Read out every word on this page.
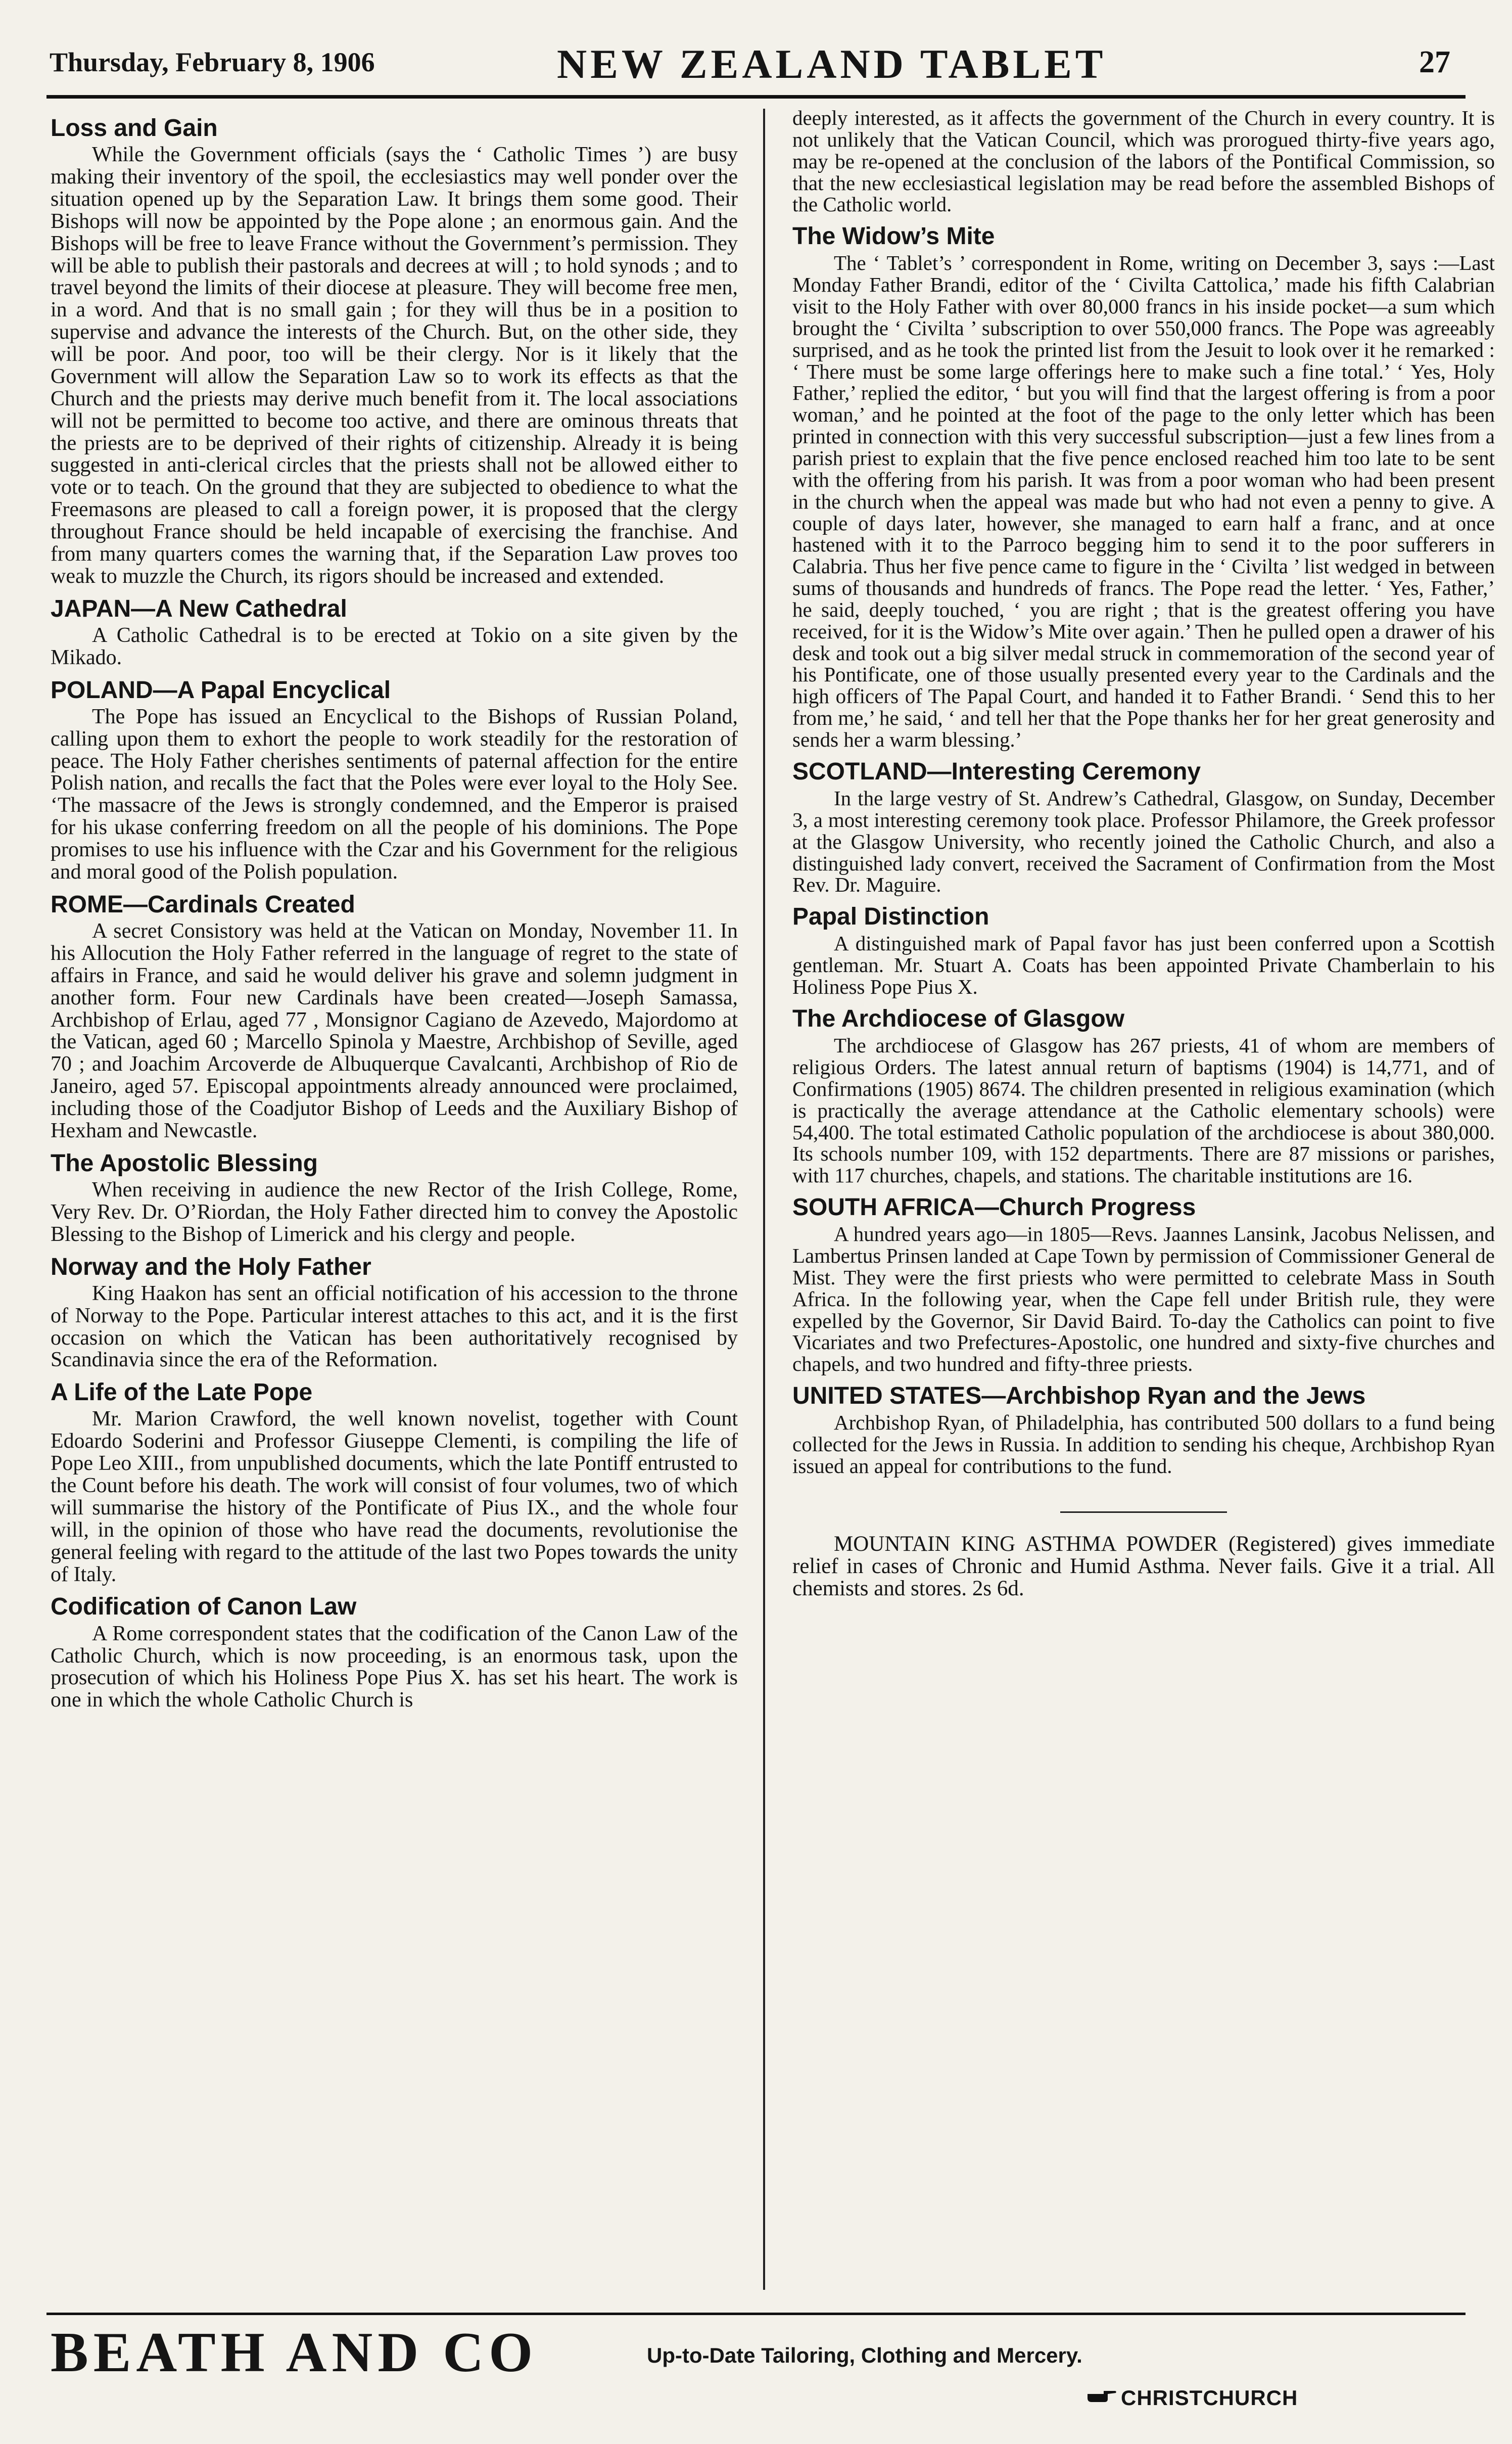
Thursday, February 8, 1906	NEW ZEALAND TABLET	27
Loss and Gain

While the Government officials (says the ‘ Catholic Times ’) are busy making their inventory of the spoil, the ecclesiastics may well ponder over the situation opened up by the Separation Law. It brings them some good. Their Bishops will now be appointed by the Pope alone ; an enormous gain. And the Bishops will be free to leave France without the Government’s permission. They will be able to publish their pastorals and decrees at will ; to hold synods ; and to travel beyond the limits of their diocese at pleasure. They will become free men, in a word. And that is no small gain ; for they will thus be in a position to supervise and advance the interests of the Church. But, on the other side, they will be poor. And poor, too will be their clergy. Nor is it likely that the Government will allow the Separation Law so to work its effects as that the Church and the priests may derive much benefit from it. The local associations will not be permitted to become too active, and there are ominous threats that the priests are to be deprived of their rights of citizenship. Already it is being suggested in anti-clerical circles that the priests shall not be allowed either to vote or to teach. On the ground that they are subjected to obedience to what the Freemasons are pleased to call a foreign power, it is proposed that the clergy throughout France should be held incapable of exercising the franchise. And from many quarters comes the warning that, if the Separation Law proves too weak to muzzle the Church, its rigors should be increased and extended.

JAPAN—A New Cathedral

A Catholic Cathedral is to be erected at Tokio on a site given by the Mikado.

POLAND—A Papal Encyclical

The Pope has issued an Encyclical to the Bishops of Russian Poland, calling upon them to exhort the people to work steadily for the restoration of peace. The Holy Father cherishes sentiments of paternal affection for the entire Polish nation, and recalls the fact that the Poles were ever loyal to the Holy See. ‘The massacre of the Jews is strongly condemned, and the Emperor is praised for his ukase conferring freedom on all the people of his dominions. The Pope promises to use his influence with the Czar and his Government for the religious and moral good of the Polish population.

ROME—Cardinals Created

A secret Consistory was held at the Vatican on Monday, November 11. In his Allocution the Holy Father referred in the language of regret to the state of affairs in France, and said he would deliver his grave and solemn judgment in another form. Four new Cardinals have been created—Joseph Samassa, Archbishop of Erlau, aged 77 , Monsignor Cagiano de Azevedo, Majordomo at the Vatican, aged 60 ; Marcello Spinola y Maestre, Archbishop of Seville, aged 70 ; and Joachim Arcoverde de Albuquerque Cavalcanti, Archbishop of Rio de Janeiro, aged 57. Episcopal appointments already announced were proclaimed, including those of the Coadjutor Bishop of Leeds and the Auxiliary Bishop of Hexham and Newcastle.

The Apostolic Blessing

When receiving in audience the new Rector of the Irish College, Rome, Very Rev. Dr. O’Riordan, the Holy Father directed him to convey the Apostolic Blessing to the Bishop of Limerick and his clergy and people.

Norway and the Holy Father

King Haakon has sent an official notification of his accession to the throne of Norway to the Pope. Particular interest attaches to this act, and it is the first occasion on which the Vatican has been authoritatively recognised by Scandinavia since the era of the Reformation.

A Life of the Late Pope

Mr. Marion Crawford, the well known novelist, together with Count Edoardo Soderini and Professor Giuseppe Clementi, is compiling the life of Pope Leo XIII., from unpublished documents, which the late Pontiff entrusted to the Count before his death. The work will consist of four volumes, two of which will summarise the history of the Pontificate of Pius IX., and the whole four will, in the opinion of those who have read the documents, revolutionise the general feeling with regard to the attitude of the last two Popes towards the unity of Italy.

Codification of Canon Law

A Rome correspondent states that the codification of the Canon Law of the Catholic Church, which is now proceeding, is an enormous task, upon the prosecution of which his Holiness Pope Pius X. has set his heart. The work is one in which the whole Catholic Church is

deeply interested, as it affects the government of the Church in every country. It is not unlikely that the Vatican Council, which was prorogued thirty-five years ago, may be re-opened at the conclusion of the labors of the Pontifical Commission, so that the new ecclesiastical legislation may be read before the assembled Bishops of the Catholic world.

The Widow’s Mite

The ‘ Tablet’s ’ correspondent in Rome, writing on December 3, says :—Last Monday Father Brandi, editor of the ‘ Civilta Cattolica,’ made his fifth Calabrian visit to the Holy Father with over 80,000 francs in his inside pocket—a sum which brought the ‘ Civilta ’ subscription to over 550,000 francs. The Pope was agreeably surprised, and as he took the printed list from the Jesuit to look over it he remarked : ‘ There must be some large offerings here to make such a fine total.’ ‘ Yes, Holy Father,’ replied the editor, ‘ but you will find that the largest offering is from a poor woman,’ and he pointed at the foot of the page to the only letter which has been printed in connection with this very successful subscription—just a few lines from a parish priest to explain that the five pence enclosed reached him too late to be sent with the offering from his parish. It was from a poor woman who had been present in the church when the appeal was made but who had not even a penny to give. A couple of days later, however, she managed to earn half a franc, and at once hastened with it to the Parroco begging him to send it to the poor sufferers in Calabria. Thus her five pence came to figure in the ‘ Civilta ’ list wedged in between sums of thousands and hundreds of francs. The Pope read the letter. ‘ Yes, Father,’ he said, deeply touched, ‘ you are right ; that is the greatest offering you have received, for it is the Widow’s Mite over again.’ Then he pulled open a drawer of his desk and took out a big silver medal struck in commemoration of the second year of his Pontificate, one of those usually presented every year to the Cardinals and the high officers of The Papal Court, and handed it to Father Brandi. ‘ Send this to her from me,’ he said, ‘ and tell her that the Pope thanks her for her great generosity and sends her a warm blessing.’

SCOTLAND—Interesting Ceremony

In the large vestry of St. Andrew’s Cathedral, Glasgow, on Sunday, December 3, a most interesting ceremony took place. Professor Philamore, the Greek professor at the Glasgow University, who recently joined the Catholic Church, and also a distinguished lady convert, received the Sacrament of Confirmation from the Most Rev. Dr. Maguire.

Papal Distinction

A distinguished mark of Papal favor has just been conferred upon a Scottish gentleman. Mr. Stuart A. Coats has been appointed Private Chamberlain to his Holiness Pope Pius X.

The Archdiocese of Glasgow

The archdiocese of Glasgow has 267 priests, 41 of whom are members of religious Orders. The latest annual return of baptisms (1904) is 14,771, and of Confirmations (1905) 8674. The children presented in religious examination (which is practically the average attendance at the Catholic elementary schools) were 54,400. The total estimated Catholic population of the archdiocese is about 380,000. Its schools number 109, with 152 departments. There are 87 missions or parishes, with 117 churches, chapels, and stations. The charitable institutions are 16.

SOUTH AFRICA—Church Progress

A hundred years ago—in 1805—Revs. Jaannes Lansink, Jacobus Nelissen, and Lambertus Prinsen landed at Cape Town by permission of Commissioner General de Mist. They were the first priests who were permitted to celebrate Mass in South Africa. In the following year, when the Cape fell under British rule, they were expelled by the Governor, Sir David Baird. To-day the Catholics can point to five Vicariates and two Prefectures-Apostolic, one hundred and sixty-five churches and chapels, and two hundred and fifty-three priests.

UNITED STATES—Archbishop Ryan and the Jews

Archbishop Ryan, of Philadelphia, has contributed 500 dollars to a fund being collected for the Jews in Russia. In addition to sending his cheque, Archbishop Ryan issued an appeal for contributions to the fund.

MOUNTAIN KING ASTHMA POWDER (Registered) gives immediate relief in cases of Chronic and Humid Asthma. Never fails. Give it a trial. All chemists and stores. 2s 6d.

BEATH AND CO	Up-to-Date Tailoring, Clothing and Mercery.
CHRISTCHURCH
